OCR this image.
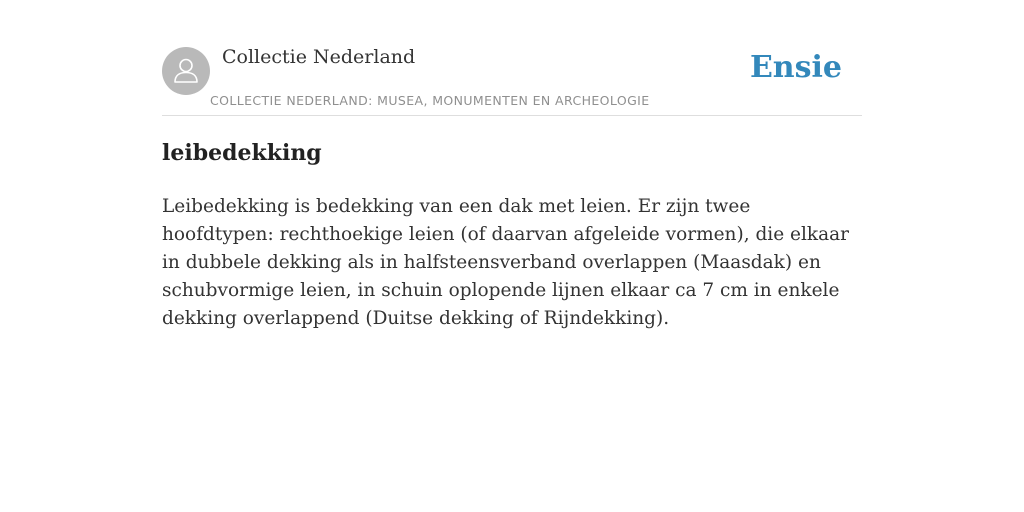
Collectie Nederland
COLLECTIE NEDERLAND: MUSEA, MONUMENTEN EN ARCHEOLOGIE
Ensie
leibedekking

Leibedekking is bedekking van een dak met leien. Er zijn twee hoofdtypen: rechthoekige leien (of daarvan afgeleide vormen), die elkaar in dubbele dekking als in halfsteensverband overlappen (Maasdak) en schubvormige leien, in schuin oplopende lijnen elkaar ca 7 cm in enkele dekking overlappend (Duitse dekking of Rijndekking).
